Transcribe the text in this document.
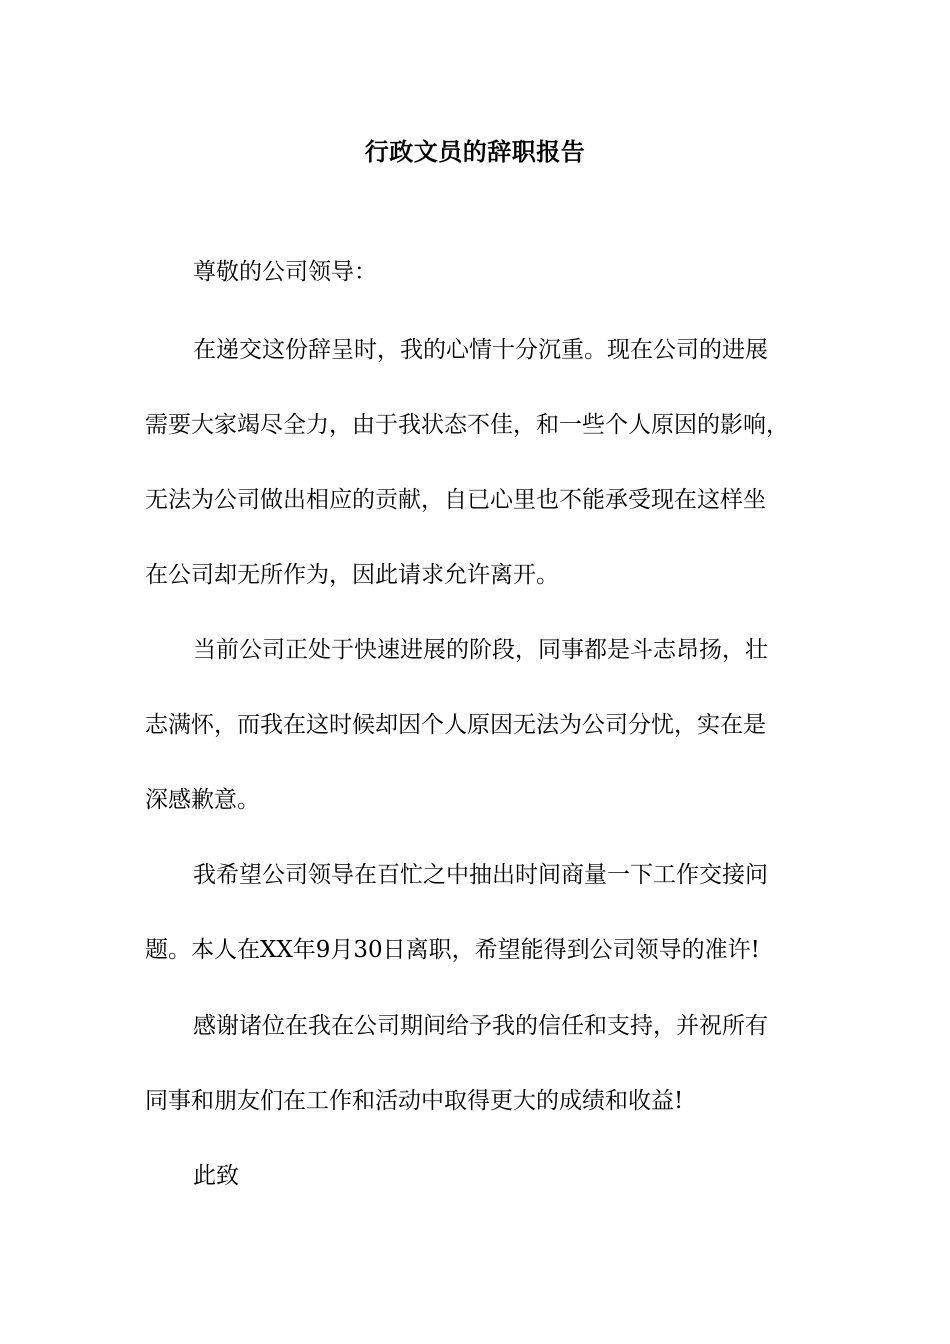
行政文员的辞职报告
尊敬的公司领导：
在递交这份辞呈时，我的心情十分沉重。现在公司的进展
需要大家竭尽全力，由于我状态不佳，和一些个人原因的影响，
无法为公司做出相应的贡献，自已心里也不能承受现在这样坐
在公司却无所作为，因此请求允许离开。
当前公司正处于快速进展的阶段，同事都是斗志昂扬，壮
志满怀，而我在这时候却因个人原因无法为公司分忧，实在是
深感歉意。
我希望公司领导在百忙之中抽出时间商量一下工作交接问
题。本人在XX年9月30日离职，希望能得到公司领导的准许!
感谢诸位在我在公司期间给予我的信任和支持，并祝所有
同事和朋友们在工作和活动中取得更大的成绩和收益!
此致
